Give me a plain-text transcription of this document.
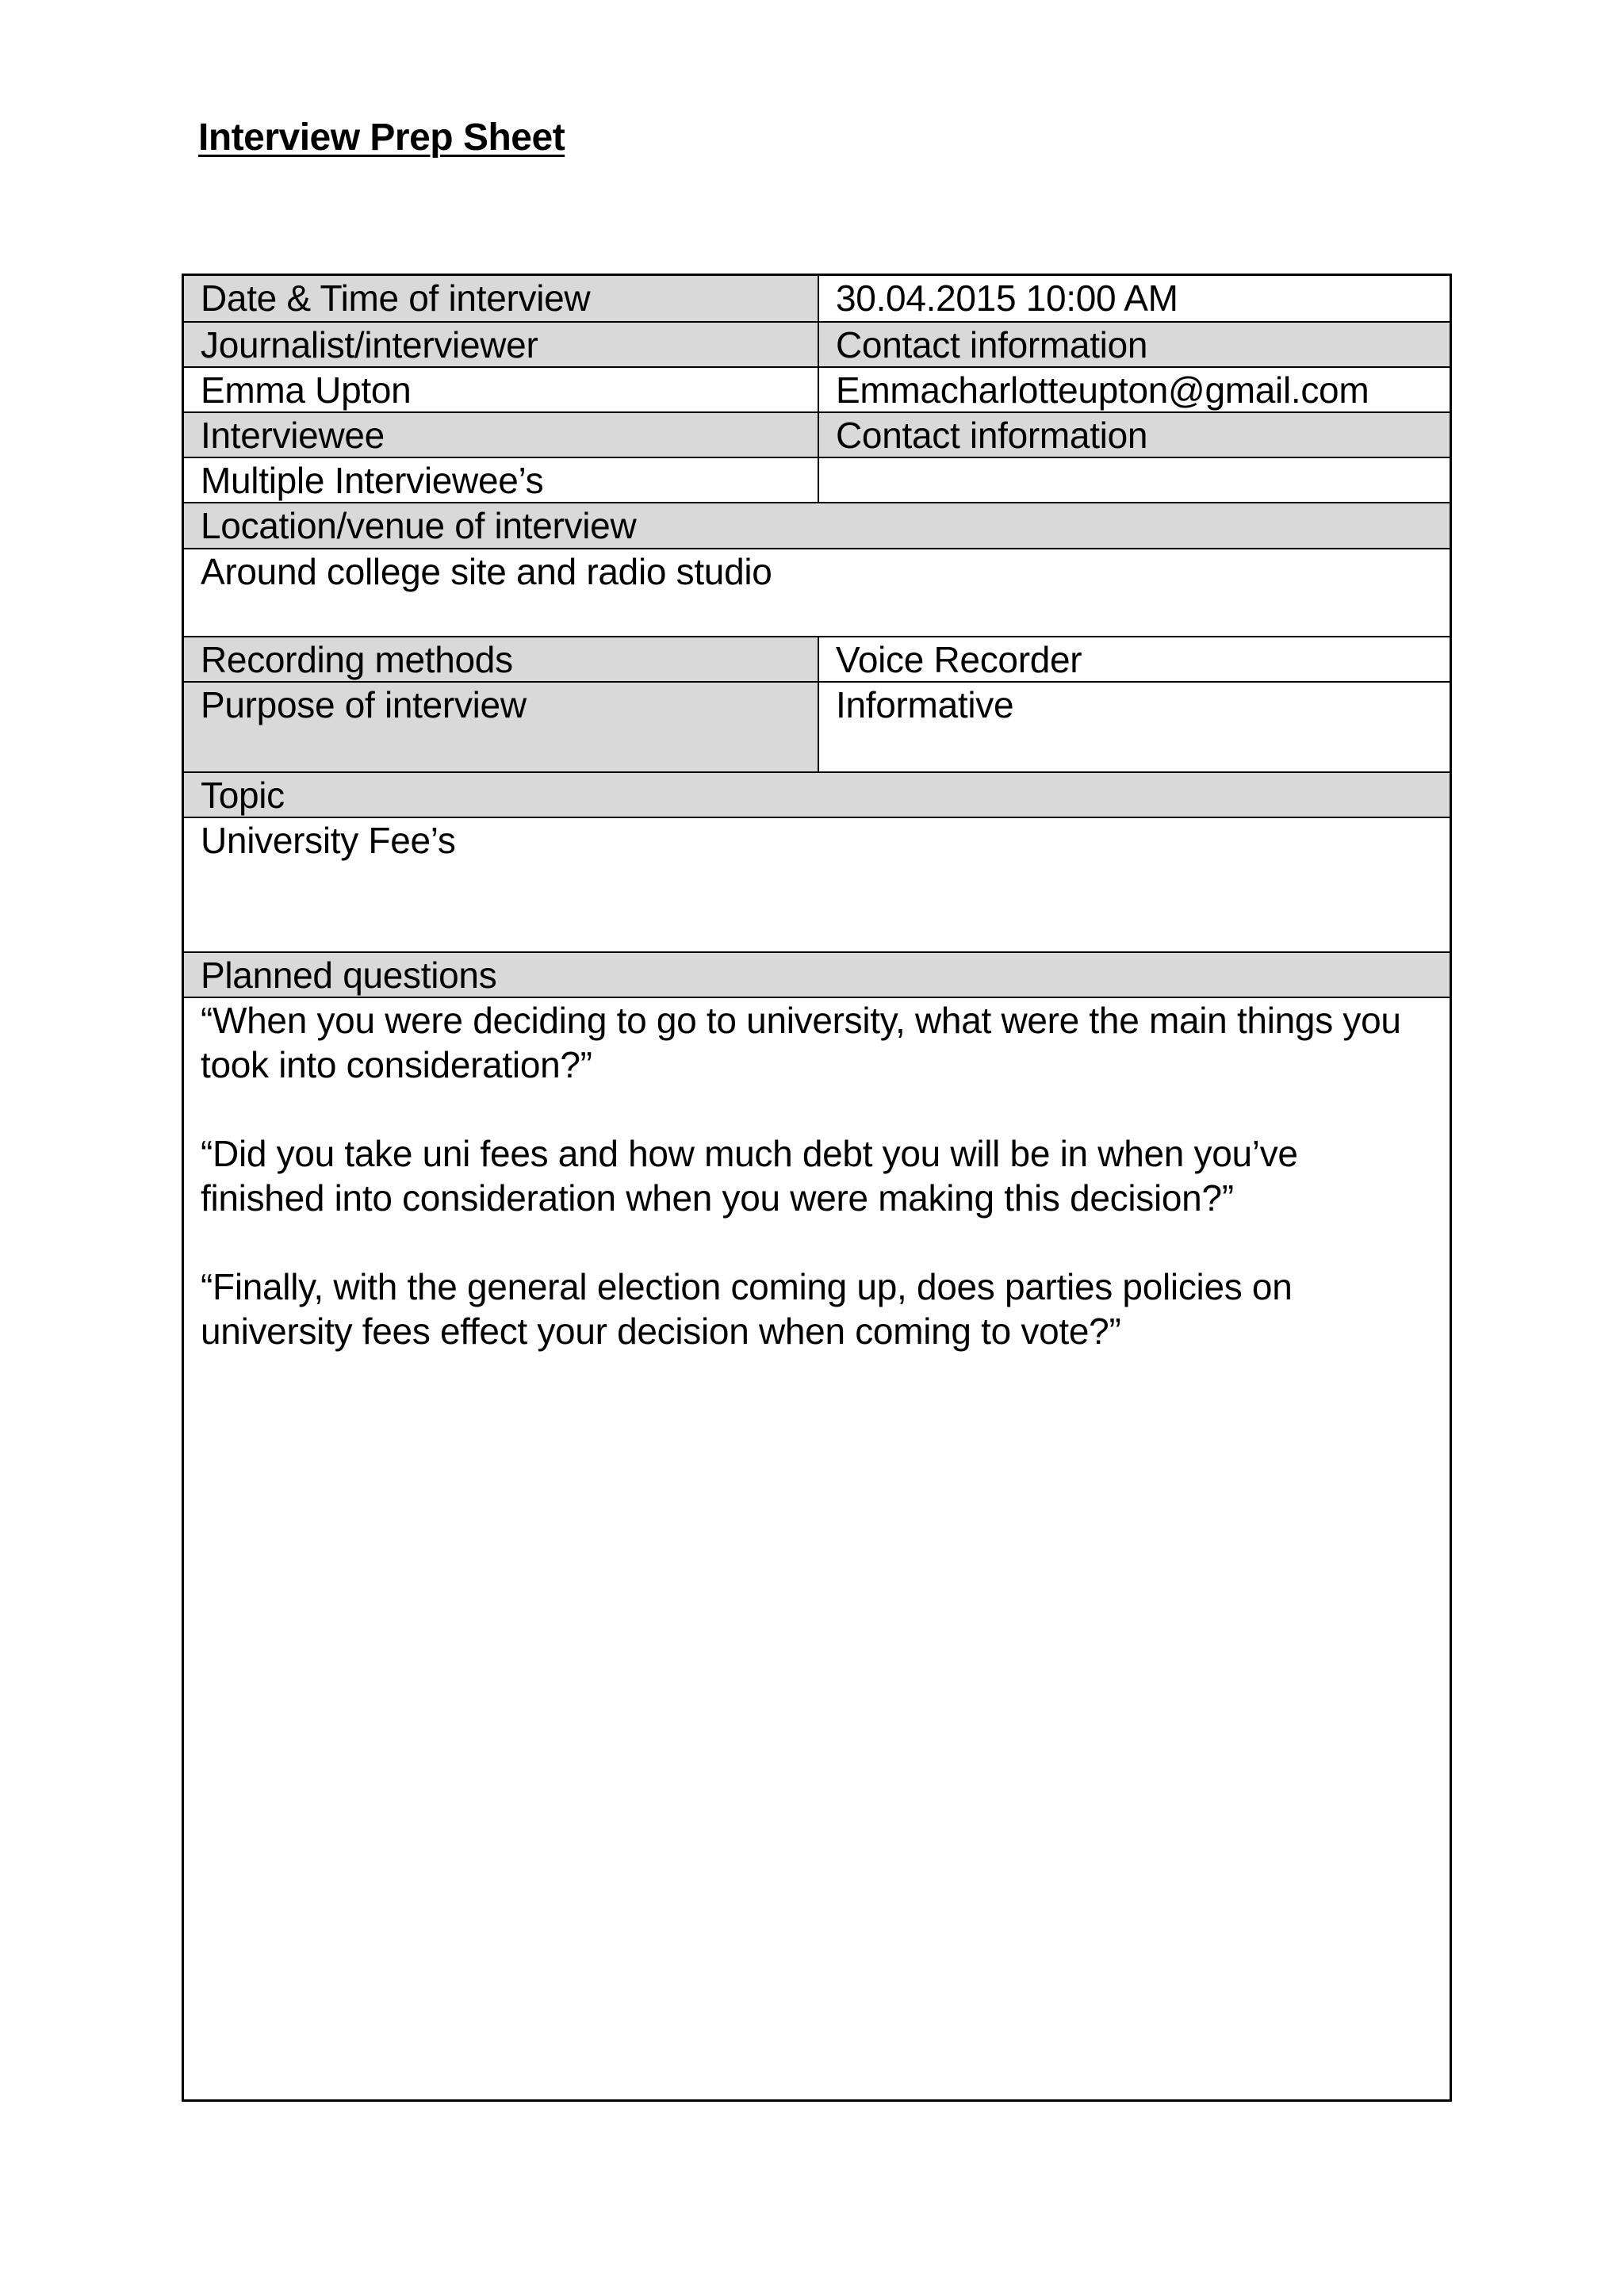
Interview Prep Sheet
Date & Time of interview	30.04.2015 10:00 AM
Journalist/interviewer	Contact information
Emma Upton	Emmacharlotteupton@gmail.com
Interviewee	Contact information
Multiple Interviewee’s
Location/venue of interview
Around college site and radio studio
Recording methods	Voice Recorder
Purpose of interview	Informative
Topic
University Fee’s
Planned questions

“When you were deciding to go to university, what were the main things you took into consideration?”

“Did you take uni fees and how much debt you will be in when you’ve finished into consideration when you were making this decision?”

“Finally, with the general election coming up, does parties policies on university fees effect your decision when coming to vote?”
